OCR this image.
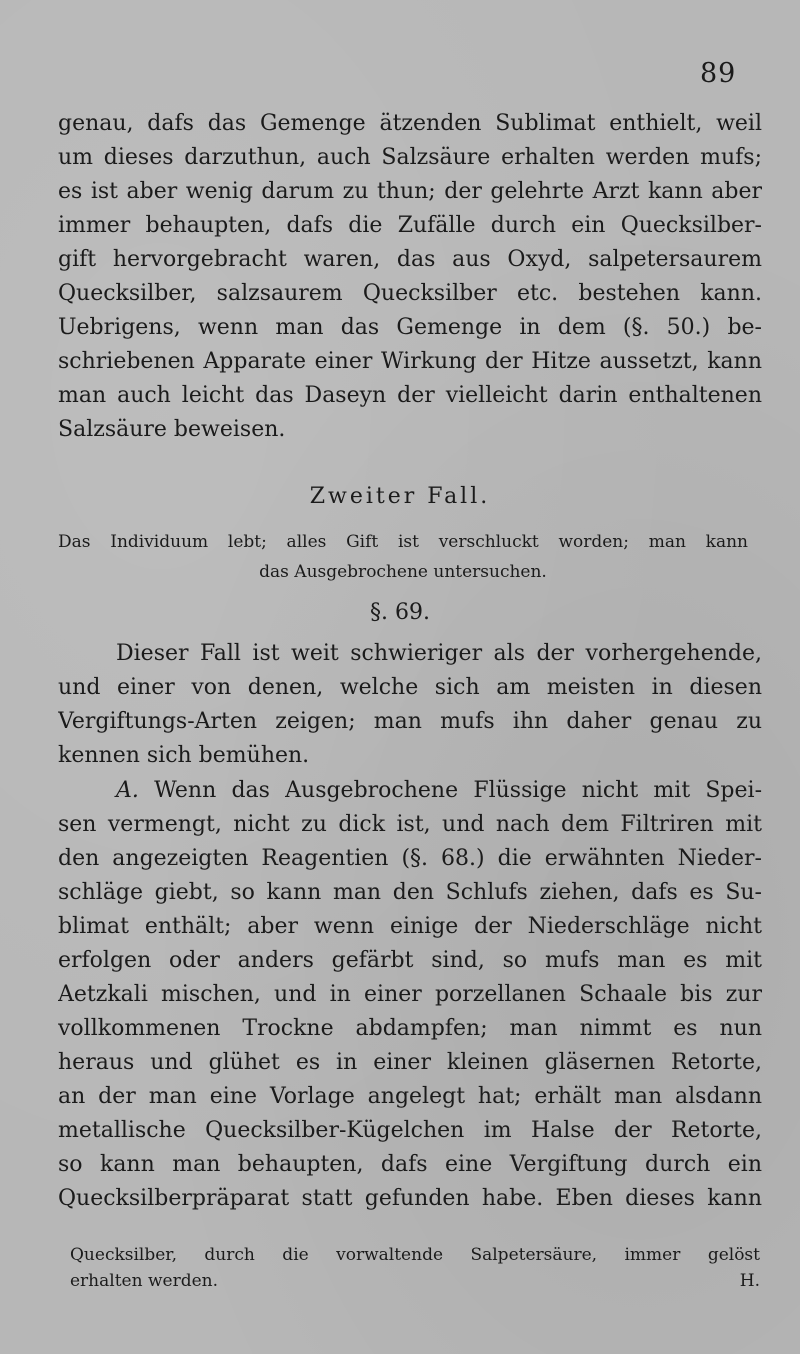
89
genau, dafs das Gemenge ätzenden Sublimat enthielt, weil
um dieses darzuthun, auch Salzsäure erhalten werden mufs;
es ist aber wenig darum zu thun; der gelehrte Arzt kann aber
immer behaupten, dafs die Zufälle durch ein Quecksilber-
gift hervorgebracht waren, das aus Oxyd, salpetersaurem
Quecksilber, salzsaurem Quecksilber etc. bestehen kann.
Uebrigens, wenn man das Gemenge in dem (§. 50.) be-
schriebenen Apparate einer Wirkung der Hitze aussetzt, kann
man auch leicht das Daseyn der vielleicht darin enthaltenen
Salzsäure beweisen.
Zweiter Fall.
Das Individuum lebt; alles Gift ist verschluckt worden; man kann
das Ausgebrochene untersuchen.
§. 69.
Dieser Fall ist weit schwieriger als der vorhergehende,
und einer von denen, welche sich am meisten in diesen
Vergiftungs-Arten zeigen; man mufs ihn daher genau zu
kennen sich bemühen.
A. Wenn das Ausgebrochene Flüssige nicht mit Spei-
sen vermengt, nicht zu dick ist, und nach dem Filtriren mit
den angezeigten Reagentien (§. 68.) die erwähnten Nieder-
schläge giebt, so kann man den Schlufs ziehen, dafs es Su-
blimat enthält; aber wenn einige der Niederschläge nicht
erfolgen oder anders gefärbt sind, so mufs man es mit
Aetzkali mischen, und in einer porzellanen Schaale bis zur
vollkommenen Trockne abdampfen; man nimmt es nun
heraus und glühet es in einer kleinen gläsernen Retorte,
an der man eine Vorlage angelegt hat; erhält man alsdann
metallische Quecksilber-Kügelchen im Halse der Retorte,
so kann man behaupten, dafs eine Vergiftung durch ein
Quecksilberpräparat statt gefunden habe. Eben dieses kann
Quecksilber, durch die vorwaltende Salpetersäure, immer gelöst
erhalten werden.	H.
